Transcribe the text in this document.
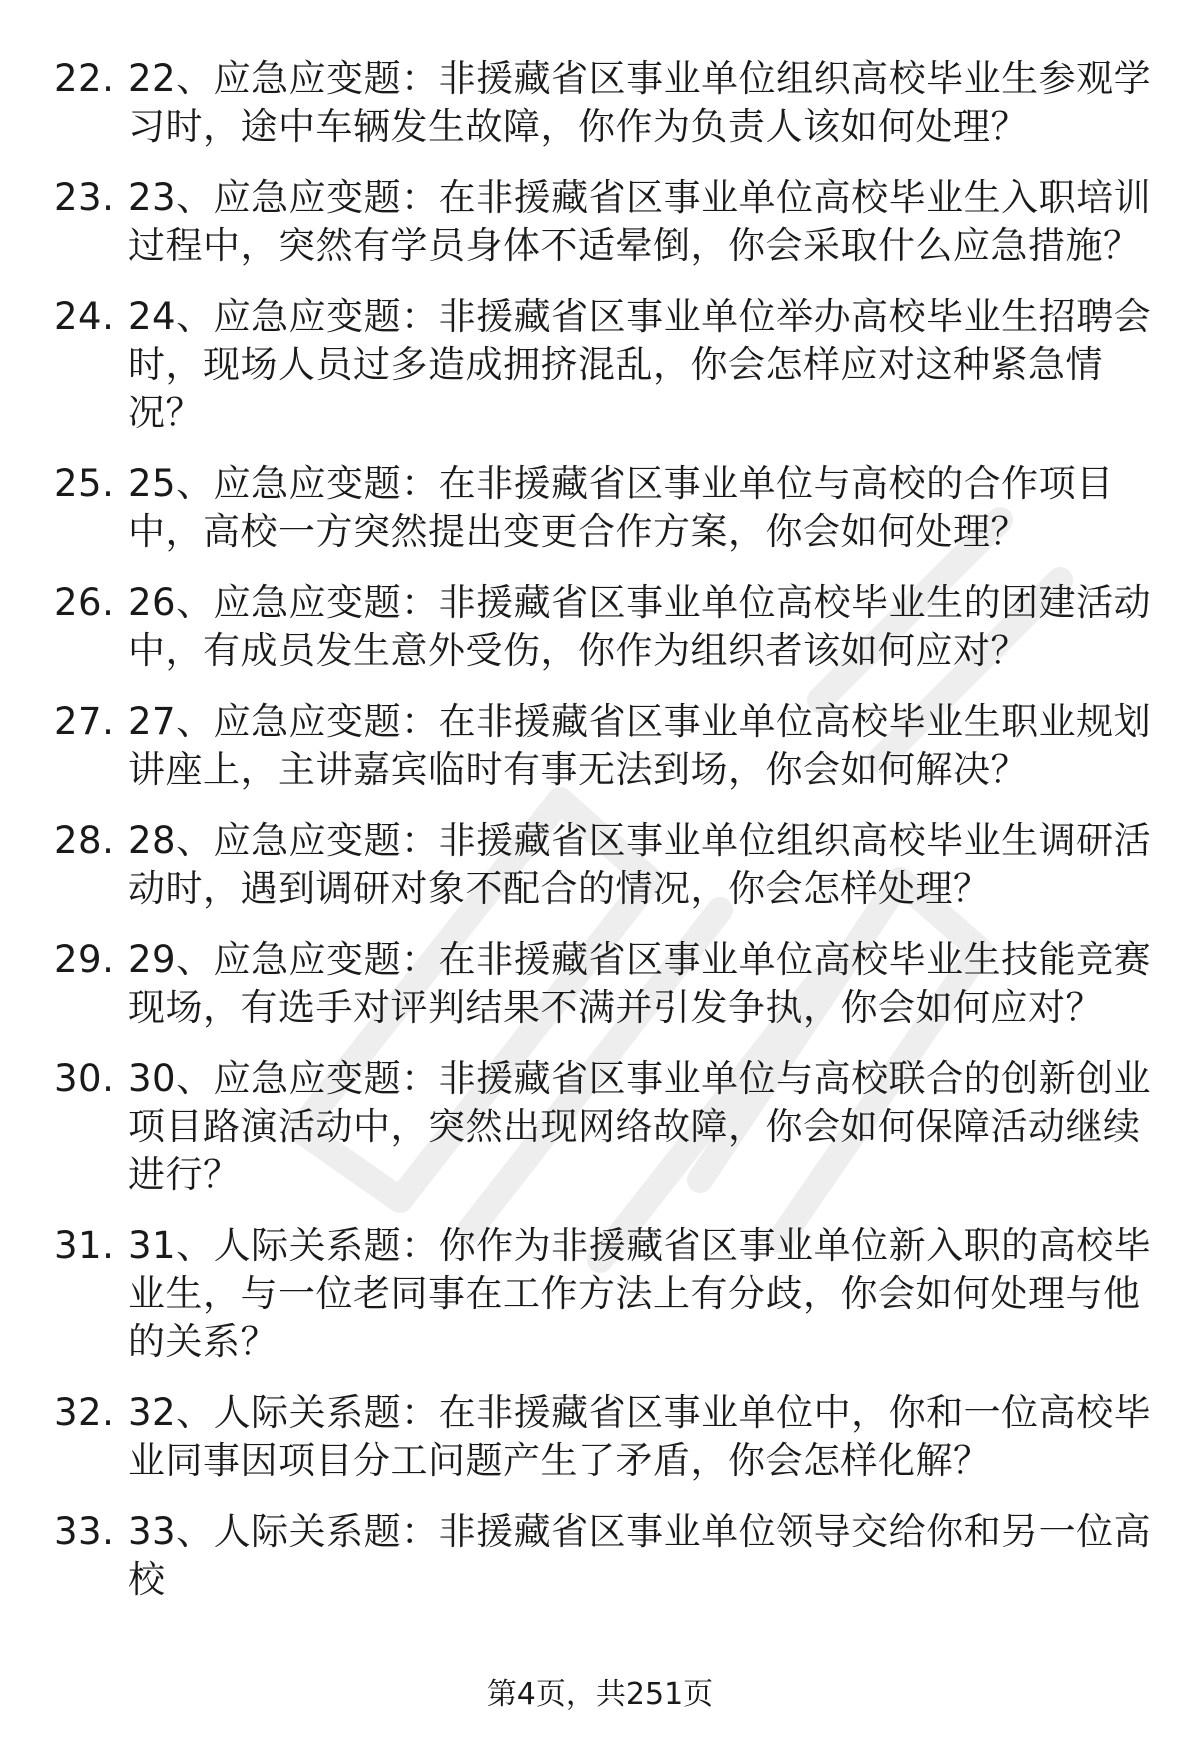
22. 22、应急应变题：非援藏省区事业单位组织高校毕业生参观学习时，途中车辆发生故障，你作为负责人该如何处理？
23. 23、应急应变题：在非援藏省区事业单位高校毕业生入职培训过程中，突然有学员身体不适晕倒，你会采取什么应急措施？
24. 24、应急应变题：非援藏省区事业单位举办高校毕业生招聘会时，现场人员过多造成拥挤混乱，你会怎样应对这种紧急情况？
25. 25、应急应变题：在非援藏省区事业单位与高校的合作项目中，高校一方突然提出变更合作方案，你会如何处理？
26. 26、应急应变题：非援藏省区事业单位高校毕业生的团建活动中，有成员发生意外受伤，你作为组织者该如何应对？
27. 27、应急应变题：在非援藏省区事业单位高校毕业生职业规划讲座上，主讲嘉宾临时有事无法到场，你会如何解决？
28. 28、应急应变题：非援藏省区事业单位组织高校毕业生调研活动时，遇到调研对象不配合的情况，你会怎样处理？
29. 29、应急应变题：在非援藏省区事业单位高校毕业生技能竞赛现场，有选手对评判结果不满并引发争执，你会如何应对？
30. 30、应急应变题：非援藏省区事业单位与高校联合的创新创业项目路演活动中，突然出现网络故障，你会如何保障活动继续进行？
31. 31、人际关系题：你作为非援藏省区事业单位新入职的高校毕业生，与一位老同事在工作方法上有分歧，你会如何处理与他的关系？
32. 32、人际关系题：在非援藏省区事业单位中，你和一位高校毕业同事因项目分工问题产生了矛盾，你会怎样化解？
33. 33、人际关系题：非援藏省区事业单位领导交给你和另一位高校
第4页，共251页
